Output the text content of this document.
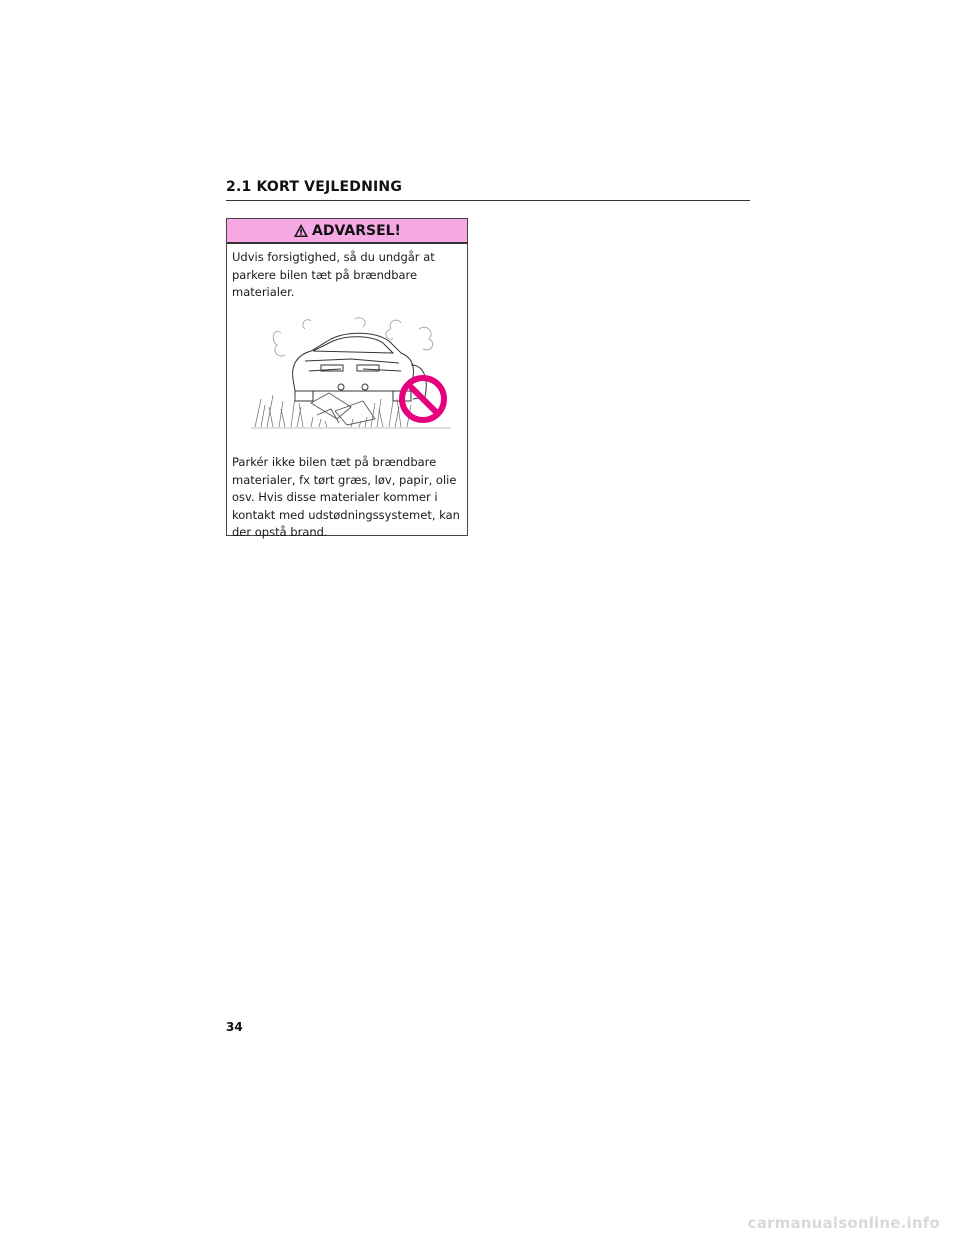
2.1 KORT VEJLEDNING
ADVARSEL!

Udvis forsigtighed, så du undgår at parkere bilen tæt på brændbare materialer.

Parkér ikke bilen tæt på brændbare materialer, fx tørt græs, løv, papir, olie osv. Hvis disse materialer kommer i kontakt med udstødningssystemet, kan der opstå brand.

34
carmanualsonline.info
